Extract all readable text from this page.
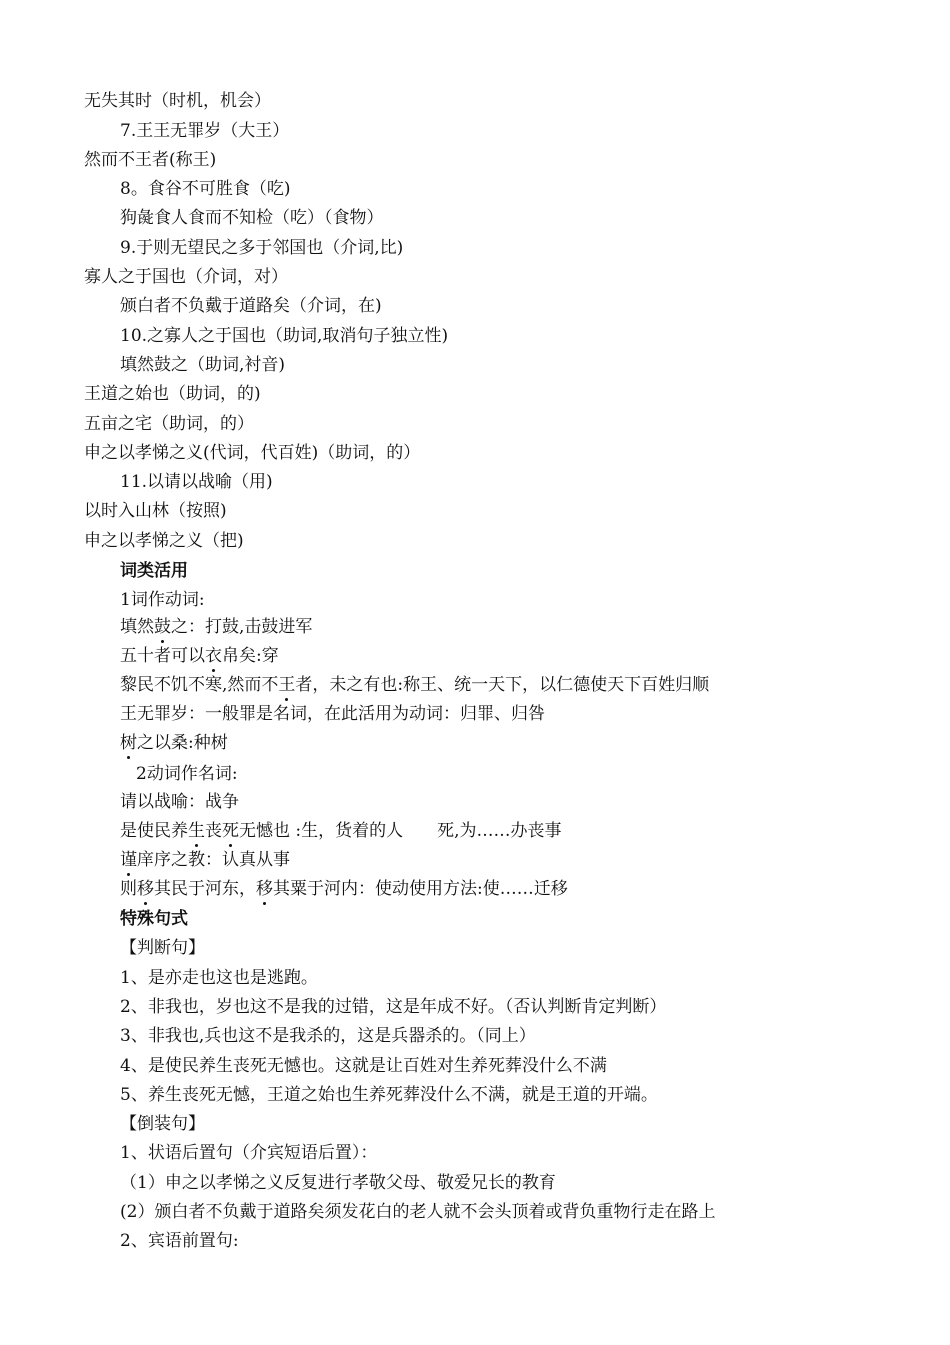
无失其时（时机，机会）
7.王王无罪岁（大王）
然而不王者(称王)
8。食谷不可胜食（吃)
狗彘食人食而不知检（吃）（食物）
9.于则无望民之多于邻国也（介词,比)
寡人之于国也（介词，对）
颁白者不负戴于道路矣（介词，在)
10.之寡人之于国也（助词,取消句子独立性)
填然鼓之（助词,衬音)
王道之始也（助词，的)
五亩之宅（助词，的）
申之以孝悌之义(代词，代百姓)（助词，的）
11.以请以战喻（用)
以时入山林（按照)
申之以孝悌之义（把)
词类活用
1词作动词:
填然鼓之：打鼓,击鼓进军
五十者可以衣帛矣:穿
黎民不饥不寒,然而不王者，未之有也:称王、统一天下，以仁德使天下百姓归顺
王无罪岁：一般罪是名词，在此活用为动词：归罪、归咎
树之以桑:种树
2动词作名词:
请以战喻：战争
是使民养生丧死无憾也 :生，货着的人 死,为……办丧事
谨庠序之教：认真从事
则移其民于河东，移其粟于河内：使动使用方法:使……迁移
特殊句式
【判断句】
1、是亦走也这也是逃跑。
2、非我也，岁也这不是我的过错，这是年成不好。（否认判断肯定判断）
3、非我也,兵也这不是我杀的，这是兵器杀的。（同上）
4、是使民养生丧死无憾也。这就是让百姓对生养死葬没什么不满
5、养生丧死无憾，王道之始也生养死葬没什么不满，就是王道的开端。
【倒装句】
1、状语后置句（介宾短语后置）：
（1）申之以孝悌之义反复进行孝敬父母、敬爱兄长的教育
(2）颁白者不负戴于道路矣须发花白的老人就不会头顶着或背负重物行走在路上
2、宾语前置句:
